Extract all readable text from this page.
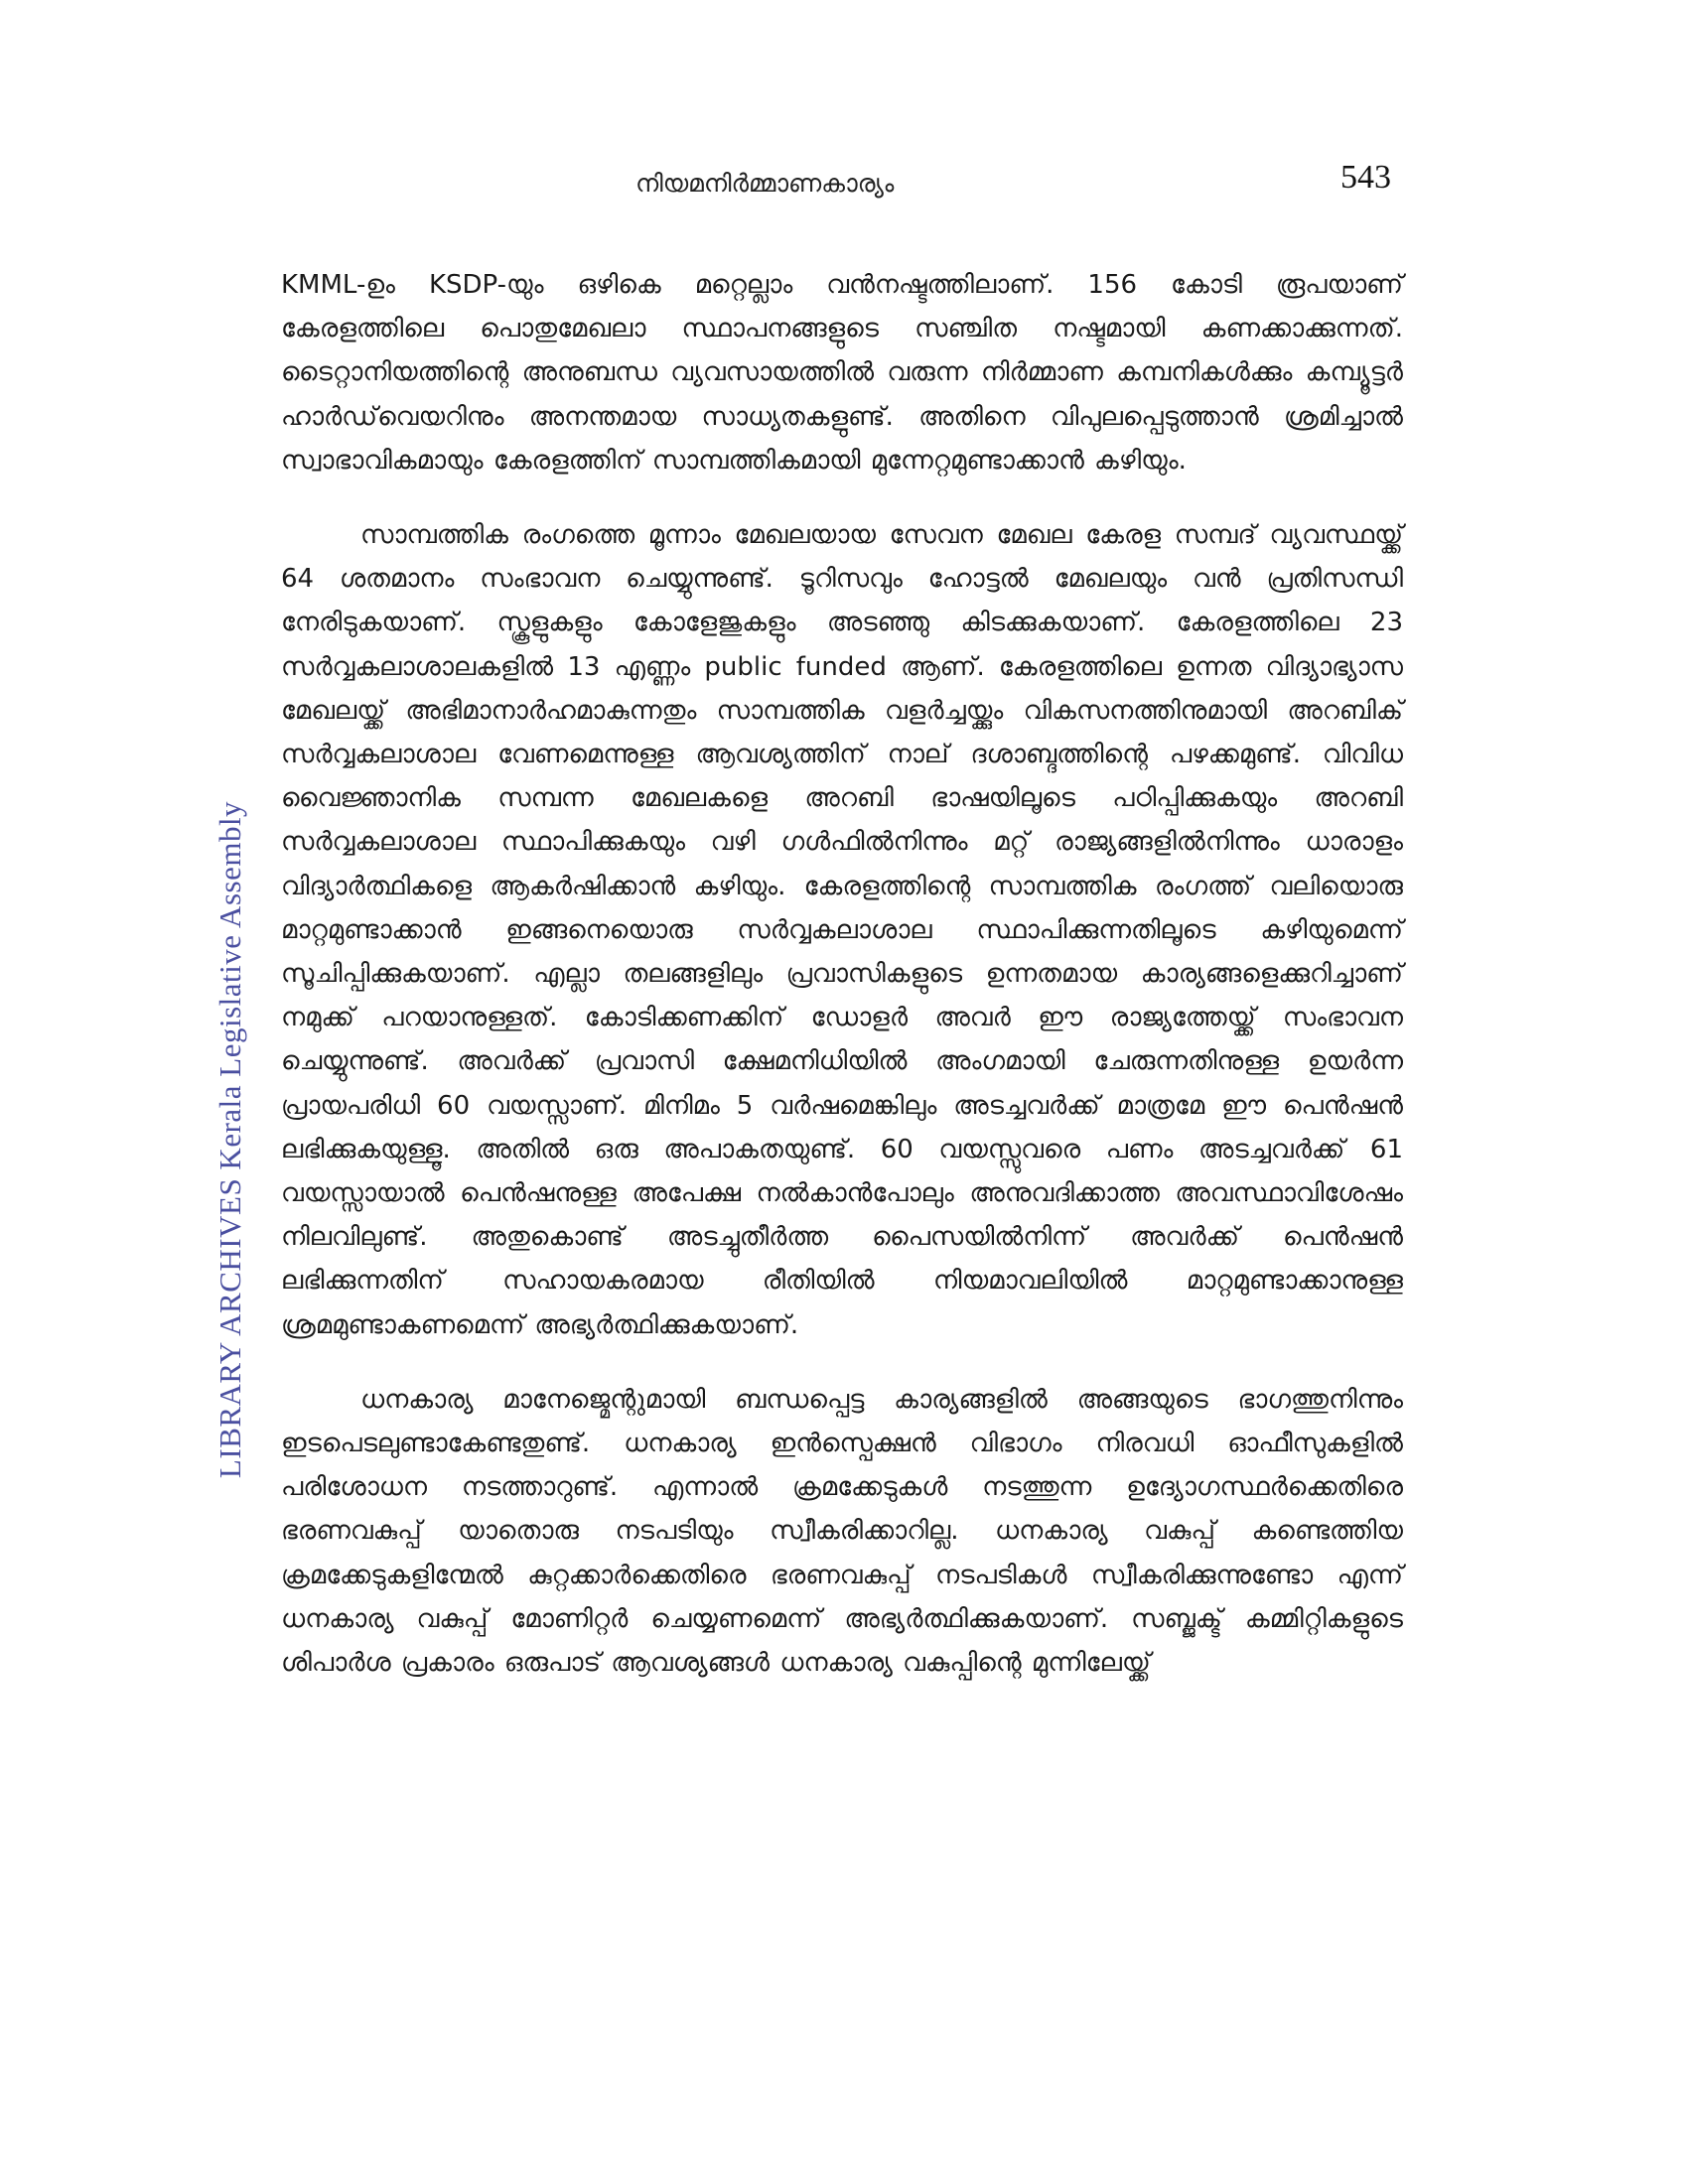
നിയമനിർമ്മാണകാര്യം	543
LIBRARY ARCHIVES Kerala Legislative Assembly

KMML-ഉം KSDP-യും ഒഴികെ മറ്റെല്ലാം വൻനഷ്ടത്തിലാണ്. 156 കോടി രൂപയാണ് കേരളത്തിലെ പൊതുമേഖലാ സ്ഥാപനങ്ങളുടെ സഞ്ചിത നഷ്ടമായി കണക്കാക്കുന്നത്. ടൈറ്റാനിയത്തിന്റെ അനുബന്ധ വ്യവസായത്തിൽ വരുന്ന നിർമ്മാണ കമ്പനികൾക്കും കമ്പ്യൂട്ടർ ഹാർഡ്‌വെയറിനും അനന്തമായ സാധ്യതകളുണ്ട്. അതിനെ വിപുലപ്പെടുത്താൻ ശ്രമിച്ചാൽ സ്വാഭാവികമായും കേരളത്തിന് സാമ്പത്തികമായി മുന്നേറ്റമുണ്ടാക്കാൻ കഴിയും.

സാമ്പത്തിക രംഗത്തെ മൂന്നാം മേഖലയായ സേവന മേഖല കേരള സമ്പദ് വ്യവസ്ഥയ്ക്ക് 64 ശതമാനം സംഭാവന ചെയ്യുന്നുണ്ട്. ടൂറിസവും ഹോട്ടൽ മേഖലയും വൻ പ്രതിസന്ധി നേരിടുകയാണ്. സ്കൂളുകളും കോളേജുകളും അടഞ്ഞു കിടക്കുകയാണ്. കേരളത്തിലെ 23 സർവ്വകലാശാലകളിൽ 13 എണ്ണം public funded ആണ്. കേരളത്തിലെ ഉന്നത വിദ്യാഭ്യാസ മേഖലയ്ക്ക് അഭിമാനാർഹമാകുന്നതും സാമ്പത്തിക വളർച്ചയ്ക്കും വികസനത്തിനുമായി അറബിക് സർവ്വകലാശാല വേണമെന്നുള്ള ആവശ്യത്തിന് നാല് ദശാബ്ദത്തിന്റെ പഴക്കമുണ്ട്. വിവിധ വൈജ്ഞാനിക സമ്പന്ന മേഖലകളെ അറബി ഭാഷയിലൂടെ പഠിപ്പിക്കുകയും അറബി സർവ്വകലാശാല സ്ഥാപിക്കുകയും വഴി ഗൾഫിൽനിന്നും മറ്റ് രാജ്യങ്ങളിൽനിന്നും ധാരാളം വിദ്യാർത്ഥികളെ ആകർഷിക്കാൻ കഴിയും. കേരളത്തിന്റെ സാമ്പത്തിക രംഗത്ത് വലിയൊരു മാറ്റമുണ്ടാക്കാൻ ഇങ്ങനെയൊരു സർവ്വകലാശാല സ്ഥാപിക്കുന്നതിലൂടെ കഴിയുമെന്ന് സൂചിപ്പിക്കുകയാണ്. എല്ലാ തലങ്ങളിലും പ്രവാസികളുടെ ഉന്നതമായ കാര്യങ്ങളെക്കുറിച്ചാണ് നമുക്ക് പറയാനുള്ളത്. കോടിക്കണക്കിന് ഡോളർ അവർ ഈ രാജ്യത്തേയ്ക്ക് സംഭാവന ചെയ്യുന്നുണ്ട്. അവർക്ക് പ്രവാസി ക്ഷേമനിധിയിൽ അംഗമായി ചേരുന്നതിനുള്ള ഉയർന്ന പ്രായപരിധി 60 വയസ്സാണ്. മിനിമം 5 വർഷമെങ്കിലും അടച്ചവർക്ക് മാത്രമേ ഈ പെൻഷൻ ലഭിക്കുകയുള്ളൂ. അതിൽ ഒരു അപാകതയുണ്ട്. 60 വയസ്സുവരെ പണം അടച്ചവർക്ക് 61 വയസ്സായാൽ പെൻഷനുള്ള അപേക്ഷ നൽകാൻപോലും അനുവദിക്കാത്ത അവസ്ഥാവിശേഷം നിലവിലുണ്ട്. അതുകൊണ്ട് അടച്ചുതീർത്ത പൈസയിൽനിന്ന് അവർക്ക് പെൻഷൻ ലഭിക്കുന്നതിന് സഹായകരമായ രീതിയിൽ നിയമാവലിയിൽ മാറ്റമുണ്ടാക്കാനുള്ള ശ്രമമുണ്ടാകണമെന്ന് അഭ്യർത്ഥിക്കുകയാണ്.

ധനകാര്യ മാനേജ്മെന്റുമായി ബന്ധപ്പെട്ട കാര്യങ്ങളിൽ അങ്ങയുടെ ഭാഗത്തുനിന്നും ഇടപെടലുണ്ടാകേണ്ടതുണ്ട്. ധനകാര്യ ഇൻസ്പെക്ഷൻ വിഭാഗം നിരവധി ഓഫീസുകളിൽ പരിശോധന നടത്താറുണ്ട്. എന്നാൽ ക്രമക്കേടുകൾ നടത്തുന്ന ഉദ്യോഗസ്ഥർക്കെതിരെ ഭരണവകുപ്പ് യാതൊരു നടപടിയും സ്വീകരിക്കാറില്ല. ധനകാര്യ വകുപ്പ് കണ്ടെത്തിയ ക്രമക്കേടുകളിന്മേൽ കുറ്റക്കാർക്കെതിരെ ഭരണവകുപ്പ് നടപടികൾ സ്വീകരിക്കുന്നുണ്ടോ എന്ന് ധനകാര്യ വകുപ്പ് മോണിറ്റർ ചെയ്യണമെന്ന് അഭ്യർത്ഥിക്കുകയാണ്. സബ്ജക്ട് കമ്മിറ്റികളുടെ ശിപാർശ പ്രകാരം ഒരുപാട് ആവശ്യങ്ങൾ ധനകാര്യ വകുപ്പിന്റെ മുന്നിലേയ്ക്ക്
